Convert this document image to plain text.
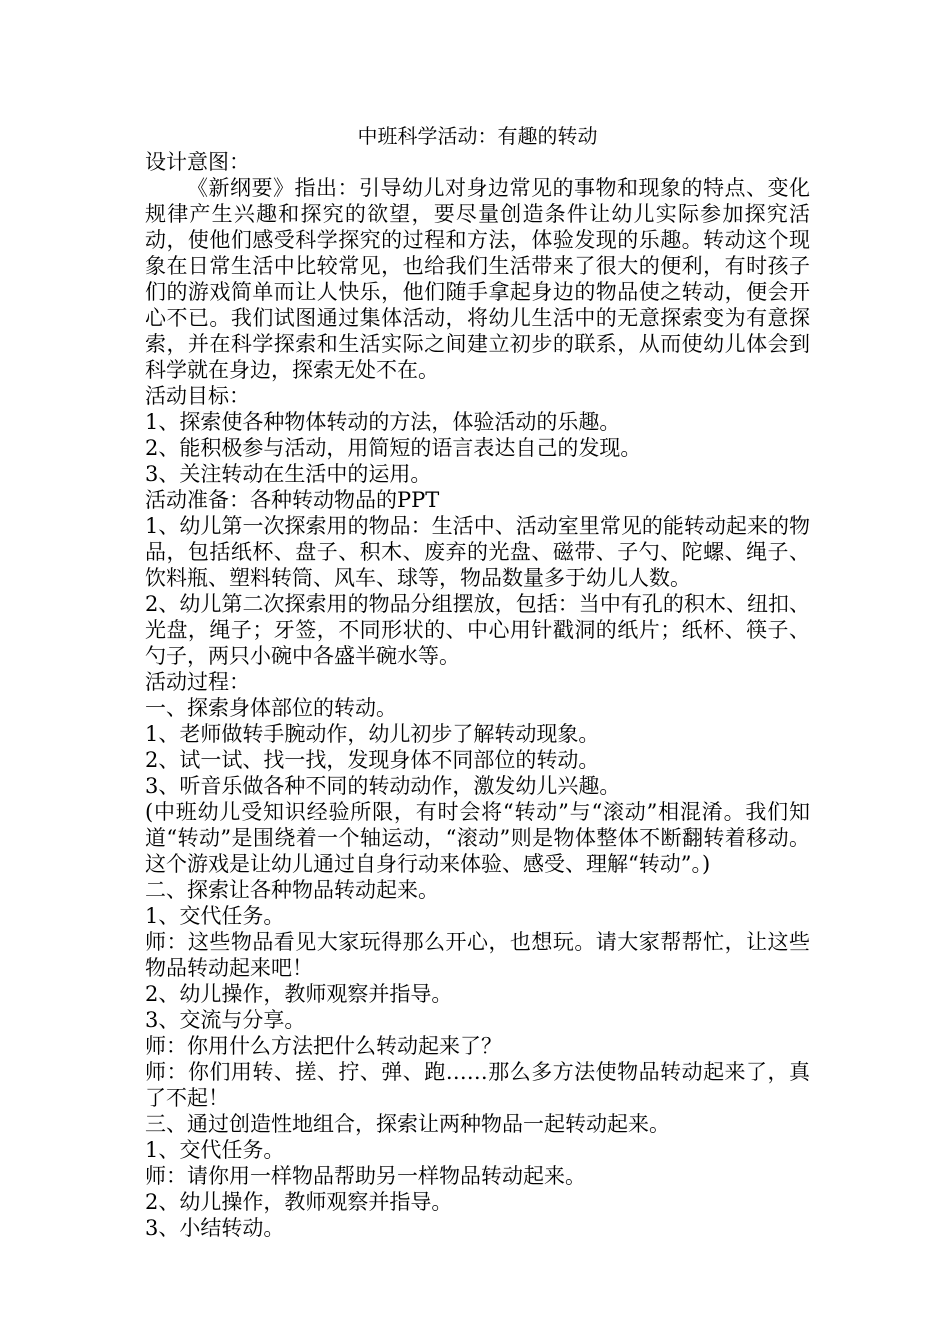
中班科学活动：有趣的转动

设计意图：

《新纲要》指出：引导幼儿对身边常见的事物和现象的特点、变化规律产生兴趣和探究的欲望，要尽量创造条件让幼儿实际参加探究活动，使他们感受科学探究的过程和方法，体验发现的乐趣。转动这个现象在日常生活中比较常见，也给我们生活带来了很大的便利，有时孩子们的游戏简单而让人快乐，他们随手拿起身边的物品使之转动，便会开心不已。我们试图通过集体活动，将幼儿生活中的无意探索变为有意探索，并在科学探索和生活实际之间建立初步的联系，从而使幼儿体会到科学就在身边，探索无处不在。

活动目标：

1、探索使各种物体转动的方法，体验活动的乐趣。

2、能积极参与活动，用简短的语言表达自己的发现。

3、关注转动在生活中的运用。

活动准备：各种转动物品的PPT

1、幼儿第一次探索用的物品：生活中、活动室里常见的能转动起来的物品，包括纸杯、盘子、积木、废弃的光盘、磁带、子勺、陀螺、绳子、饮料瓶、塑料转筒、风车、球等，物品数量多于幼儿人数。

2、幼儿第二次探索用的物品分组摆放，包括：当中有孔的积木、纽扣、光盘，绳子；牙签，不同形状的、中心用针戳洞的纸片；纸杯、筷子、勺子，两只小碗中各盛半碗水等。

活动过程：

一、探索身体部位的转动。

1、老师做转手腕动作，幼儿初步了解转动现象。

2、试一试、找一找，发现身体不同部位的转动。

3、听音乐做各种不同的转动动作，激发幼儿兴趣。

(中班幼儿受知识经验所限，有时会将“转动”与“滚动”相混淆。我们知道“转动”是围绕着一个轴运动，“滚动”则是物体整体不断翻转着移动。这个游戏是让幼儿通过自身行动来体验、感受、理解“转动”。)

二、探索让各种物品转动起来。

1、交代任务。

师：这些物品看见大家玩得那么开心，也想玩。请大家帮帮忙，让这些物品转动起来吧！

2、幼儿操作，教师观察并指导。

3、交流与分享。

师：你用什么方法把什么转动起来了？

师：你们用转、搓、拧、弹、跑……那么多方法使物品转动起来了，真了不起！

三、通过创造性地组合，探索让两种物品一起转动起来。

1、交代任务。

师：请你用一样物品帮助另一样物品转动起来。

2、幼儿操作，教师观察并指导。

3、小结转动。
